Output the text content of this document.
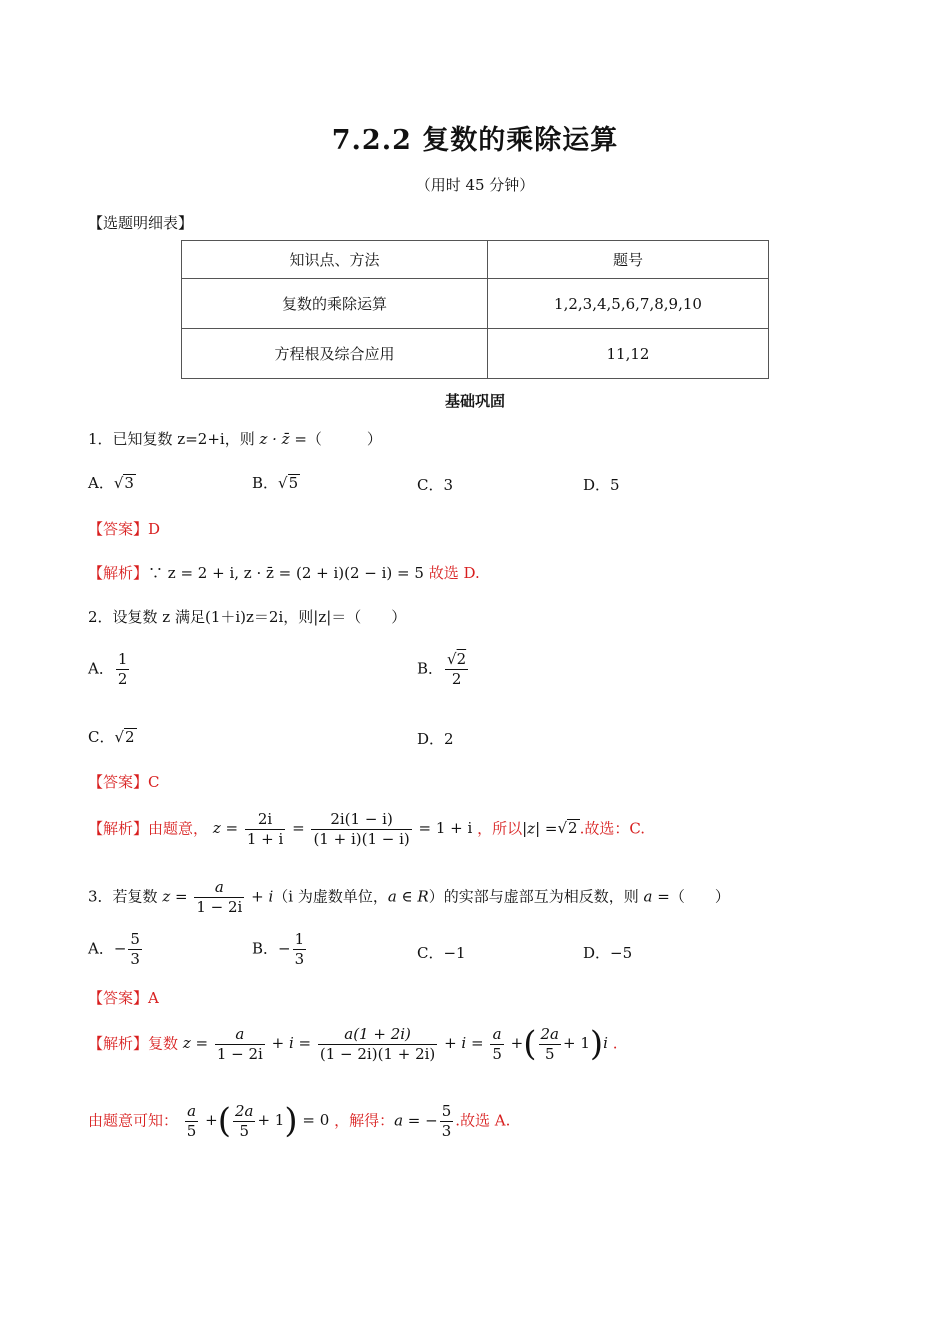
7.2.2 复数的乘除运算
（用时 45 分钟）
【选题明细表】
知识点、方法	题号
复数的乘除运算	1,2,3,4,5,6,7,8,9,10
方程根及综合应用	11,12
基础巩固
1．已知复数 z=2+i，则 z · z̄ =（　　　）
A．√3	B．√5	C．3	D．5
【答案】D
【解析】∵ z = 2 + i, z · z̄ = (2 + i)(2 − i) = 5 故选 D.
2．设复数 z 满足(1＋i)z＝2i，则|z|＝（　　）
A． $\frac{1}{2}$	B． $\frac{√2}{2}$
C．√2	D．2
【答案】C
【解析】由题意， $z = \frac{2i}{1 + i} = \frac{2i(1 - i)}{(1 + i)(1 - i)} = 1 + i$ ，所以|z| =√2 .故选：C.
3．若复数 $z = \frac{a}{1 - 2i} + i(i$ 为虚数单位，a ∈ R）的实部与虚部互为相反数，则 a =（　　）
A．− $\frac{5}{3}$	B．− $\frac{1}{3}$	C．−1	D．−5
【答案】A
【解析】复数 $z = \frac{a}{1 - 2i} + i = \frac{a(1 + 2i)}{(1 - 2i)(1 + 2i)} + i = \frac{a}{5}$ +( $\frac{2a}{5} + 1)i$ .
由题意可知： $\frac{a}{5}$ +( $\frac{2a}{5} + 1) = 0$ ，解得：a = − $\frac{5}{3}$ .故选 A.
